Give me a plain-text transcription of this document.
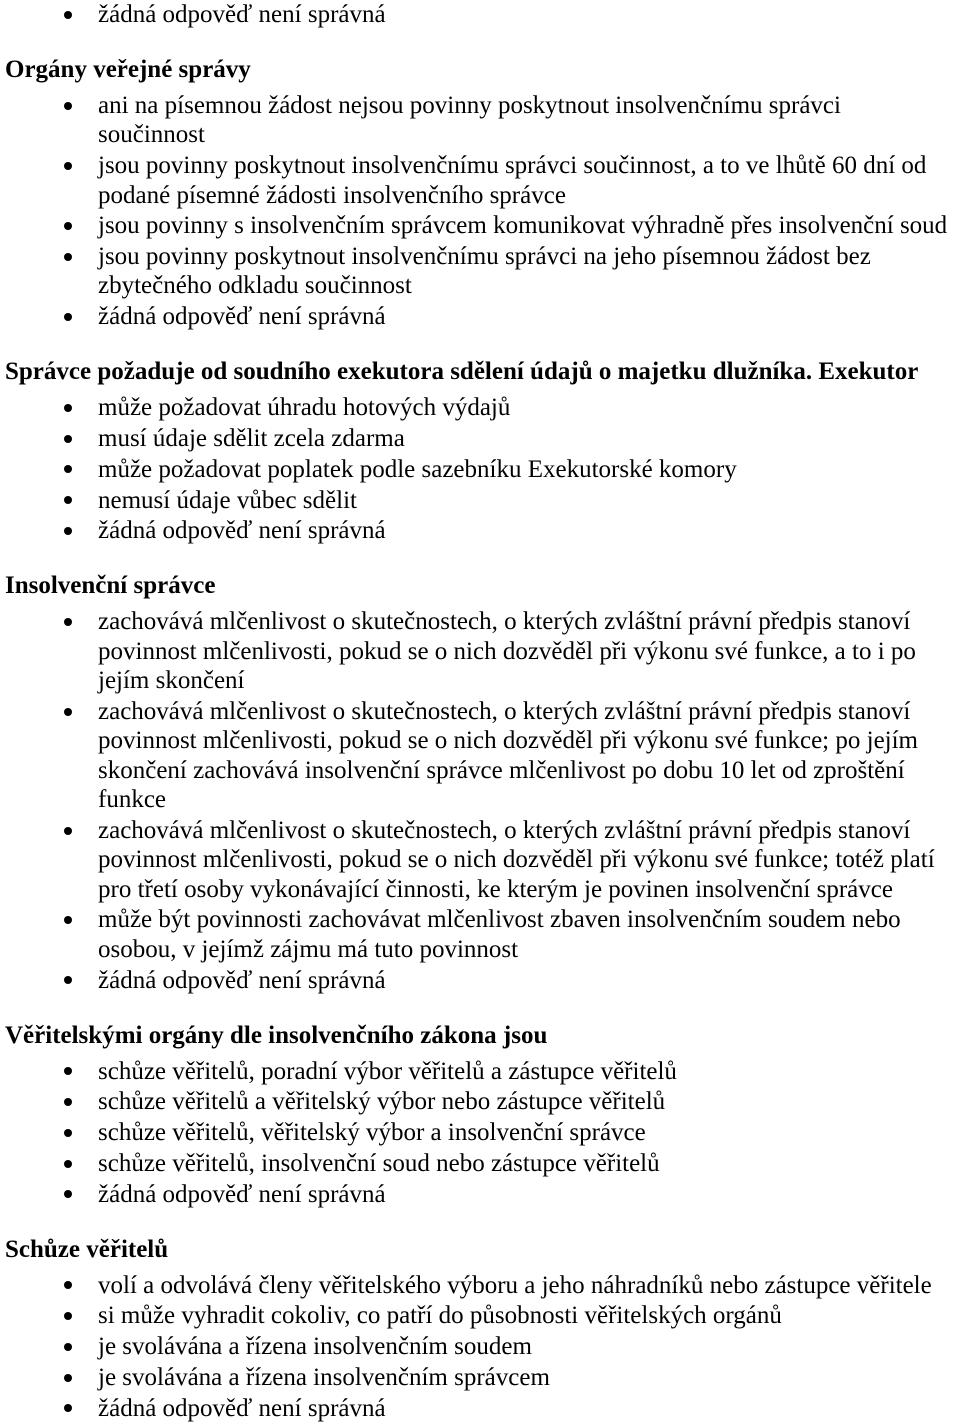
žádná odpověď není správná
Orgány veřejné správy
ani na písemnou žádost nejsou povinny poskytnout insolvenčnímu správci
součinnost
jsou povinny poskytnout insolvenčnímu správci součinnost, a to ve lhůtě 60 dní od
podané písemné žádosti insolvenčního správce
jsou povinny s insolvenčním správcem komunikovat výhradně přes insolvenční soud
jsou povinny poskytnout insolvenčnímu správci na jeho písemnou žádost bez
zbytečného odkladu součinnost
žádná odpověď není správná
Správce požaduje od soudního exekutora sdělení údajů o majetku dlužníka. Exekutor
může požadovat úhradu hotových výdajů
musí údaje sdělit zcela zdarma
může požadovat poplatek podle sazebníku Exekutorské komory
nemusí údaje vůbec sdělit
žádná odpověď není správná
Insolvenční správce
zachovává mlčenlivost o skutečnostech, o kterých zvláštní právní předpis stanoví
povinnost mlčenlivosti, pokud se o nich dozvěděl při výkonu své funkce, a to i po
jejím skončení
zachovává mlčenlivost o skutečnostech, o kterých zvláštní právní předpis stanoví
povinnost mlčenlivosti, pokud se o nich dozvěděl při výkonu své funkce; po jejím
skončení zachovává insolvenční správce mlčenlivost po dobu 10 let od zproštění
funkce
zachovává mlčenlivost o skutečnostech, o kterých zvláštní právní předpis stanoví
povinnost mlčenlivosti, pokud se o nich dozvěděl při výkonu své funkce; totéž platí
pro třetí osoby vykonávající činnosti, ke kterým je povinen insolvenční správce
může být povinnosti zachovávat mlčenlivost zbaven insolvenčním soudem nebo
osobou, v jejímž zájmu má tuto povinnost
žádná odpověď není správná
Věřitelskými orgány dle insolvenčního zákona jsou
schůze věřitelů, poradní výbor věřitelů a zástupce věřitelů
schůze věřitelů a věřitelský výbor nebo zástupce věřitelů
schůze věřitelů, věřitelský výbor a insolvenční správce
schůze věřitelů, insolvenční soud nebo zástupce věřitelů
žádná odpověď není správná
Schůze věřitelů
volí a odvolává členy věřitelského výboru a jeho náhradníků nebo zástupce věřitele
si může vyhradit cokoliv, co patří do působnosti věřitelských orgánů
je svolávána a řízena insolvenčním soudem
je svolávána a řízena insolvenčním správcem
žádná odpověď není správná
